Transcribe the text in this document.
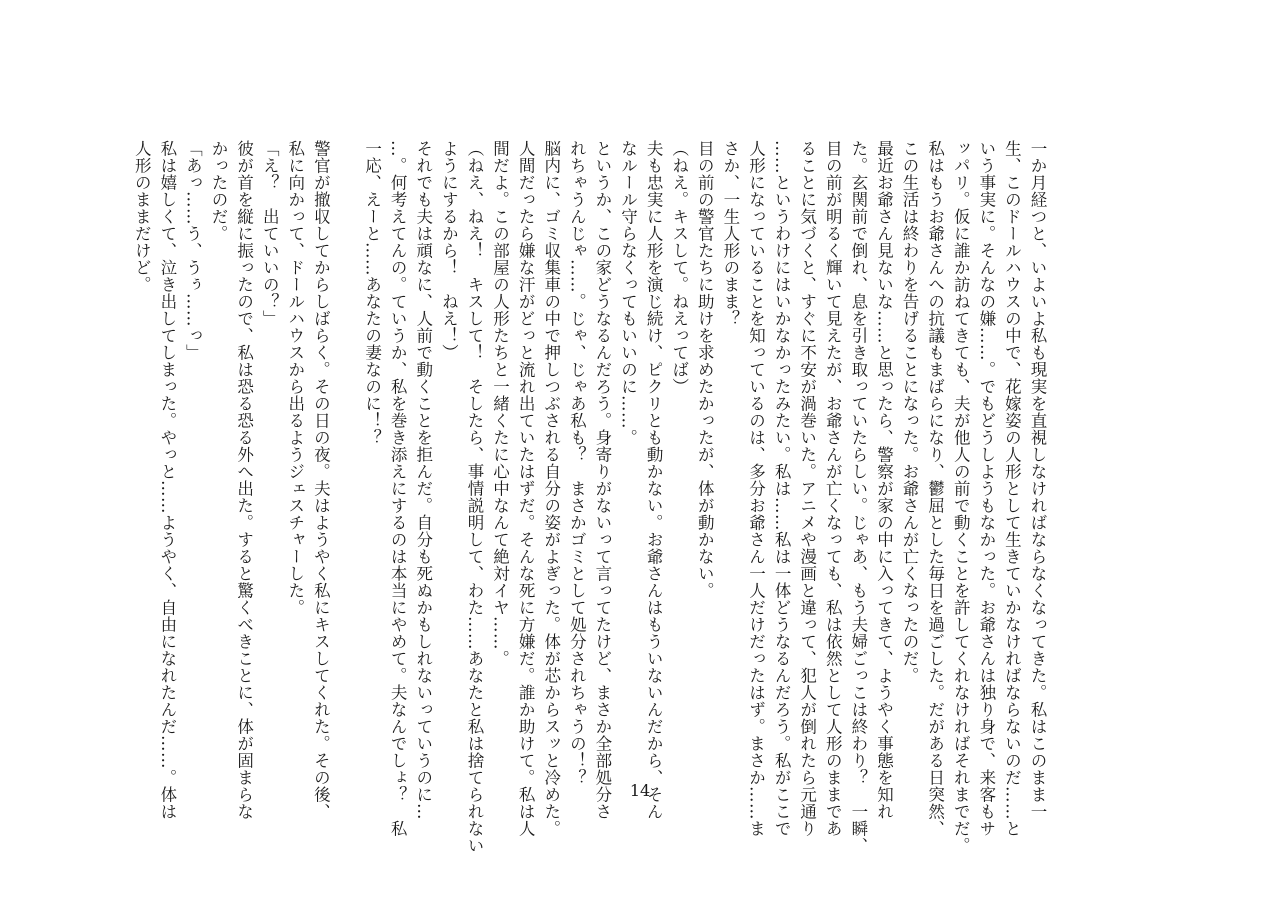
一か月経つと、いよいよ私も現実を直視しなければならなくなってきた。私はこのまま一
生、このドールハウスの中で、花嫁姿の人形として生きていかなければならないのだ……と
いう事実に。そんなの嫌……。でもどうしようもなかった。お爺さんは独り身で、来客もサ
ッパリ。仮に誰か訪ねてきても、夫が他人の前で動くことを許してくれなければそれまでだ。
私はもうお爺さんへの抗議もまばらになり、鬱屈とした毎日を過ごした。だがある日突然、
この生活は終わりを告げることになった。お爺さんが亡くなったのだ。
最近お爺さん見ないな……と思ったら、警察が家の中に入ってきて、ようやく事態を知れ
た。玄関前で倒れ、息を引き取っていたらしい。じゃあ、もう夫婦ごっこは終わり？　一瞬、
目の前が明るく輝いて見えたが、お爺さんが亡くなっても、私は依然として人形のままであ
ることに気づくと、すぐに不安が渦巻いた。アニメや漫画と違って、犯人が倒れたら元通り
……というわけにはいかなかったみたい。私は……私は一体どうなるんだろう。私がここで
人形になっていることを知っているのは、多分お爺さん一人だけだったはず。まさか……ま
さか、一生人形のまま？
目の前の警官たちに助けを求めたかったが、体が動かない。
（ねえ。キスして。ねえってば）
夫も忠実に人形を演じ続け、ピクリとも動かない。お爺さんはもういないんだから、そん
なルール守らなくってもいいのに……。
というか、この家どうなるんだろう。身寄りがないって言ってたけど、まさか全部処分さ
れちゃうんじゃ……。じゃ、じゃあ私も？　まさかゴミとして処分されちゃうの！？
脳内に、ゴミ収集車の中で押しつぶされる自分の姿がよぎった。体が芯からスッと冷めた。
人間だったら嫌な汗がどっと流れ出ていたはずだ。そんな死に方嫌だ。誰か助けて。私は人
間だよ。この部屋の人形たちと一緒くたに心中なんて絶対イヤ……。
（ねえ、ねえ！　キスして！　そしたら、事情説明して、わた……あなたと私は捨てられない
ようにするから！　ねえ！）
それでも夫は頑なに、人前で動くことを拒んだ。自分も死ぬかもしれないっていうのに…
…。何考えてんの。ていうか、私を巻き添えにするのは本当にやめて。夫なんでしょ？　私
一応、えーと……あなたの妻なのに！？
警官が撤収してからしばらく。その日の夜。夫はようやく私にキスしてくれた。その後、
私に向かって、ドールハウスから出るようジェスチャーした。
「え？　出ていいの？」
彼が首を縦に振ったので、私は恐る恐る外へ出た。すると驚くべきことに、体が固まらな
かったのだ。
「あっ……う、うぅ……っ」
私は嬉しくて、泣き出してしまった。やっと……ようやく、自由になれたんだ……。体は
人形のままだけど。
14
